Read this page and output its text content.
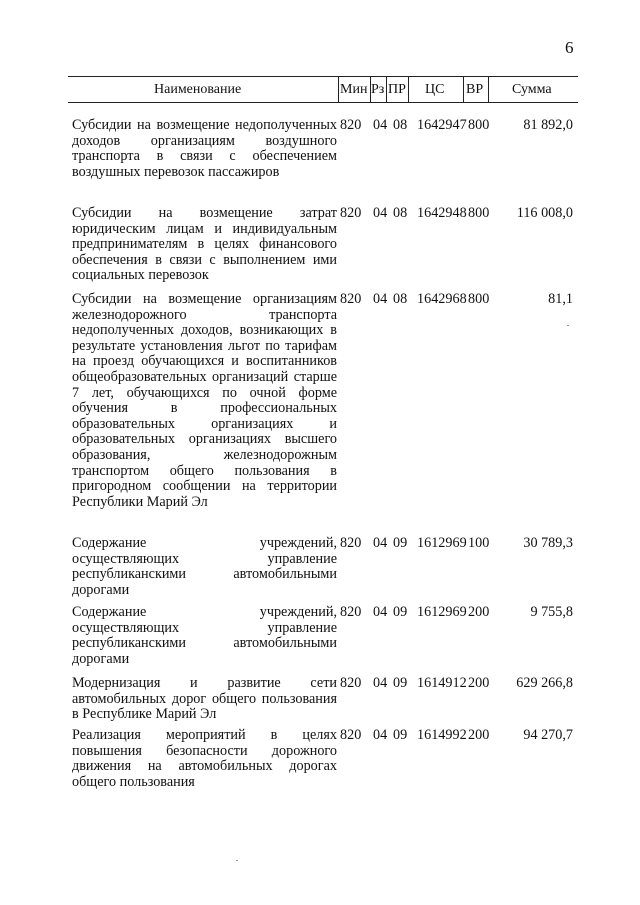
6
Наименование	Мин Рз ПР ЦС ВР Сумма
Субсидии на возмещение недополученных доходов организациям воздушного транспорта в связи с обеспечением воздушных перевозок пассажиров
820 04 08 1642947 800	81 892,0
Субсидии на возмещение затрат юридическим лицам и индивидуальным предпринимателям в целях финансового обеспечения в связи с выполнением ими социальных перевозок
820 04 08 1642948 800	116 008,0
Субсидии на возмещение организациям железнодорожного транспорта недополученных доходов, возникающих в результате установления льгот по тарифам на проезд обучающихся и воспитанников общеобразовательных организаций старше 7 лет, обучающихся по очной форме обучения в профессиональных образовательных организациях и образовательных организациях высшего образования, железнодорожным транспортом общего пользования в пригородном сообщении на территории Республики Марий Эл
820 04 08 1642968 800	81,1
Содержание учреждений, осуществляющих управление республиканскими автомобильными дорогами
820 04 09 1612969 100	30 789,3
Содержание учреждений, осуществляющих управление республиканскими автомобильными дорогами
820 04 09 1612969 200	9 755,8
Модернизация и развитие сети автомобильных дорог общего пользования в Республике Марий Эл
820 04 09 1614912 200	629 266,8
Реализация мероприятий в целях повышения безопасности дорожного движения на автомобильных дорогах общего пользования
820 04 09 1614992 200	94 270,7
